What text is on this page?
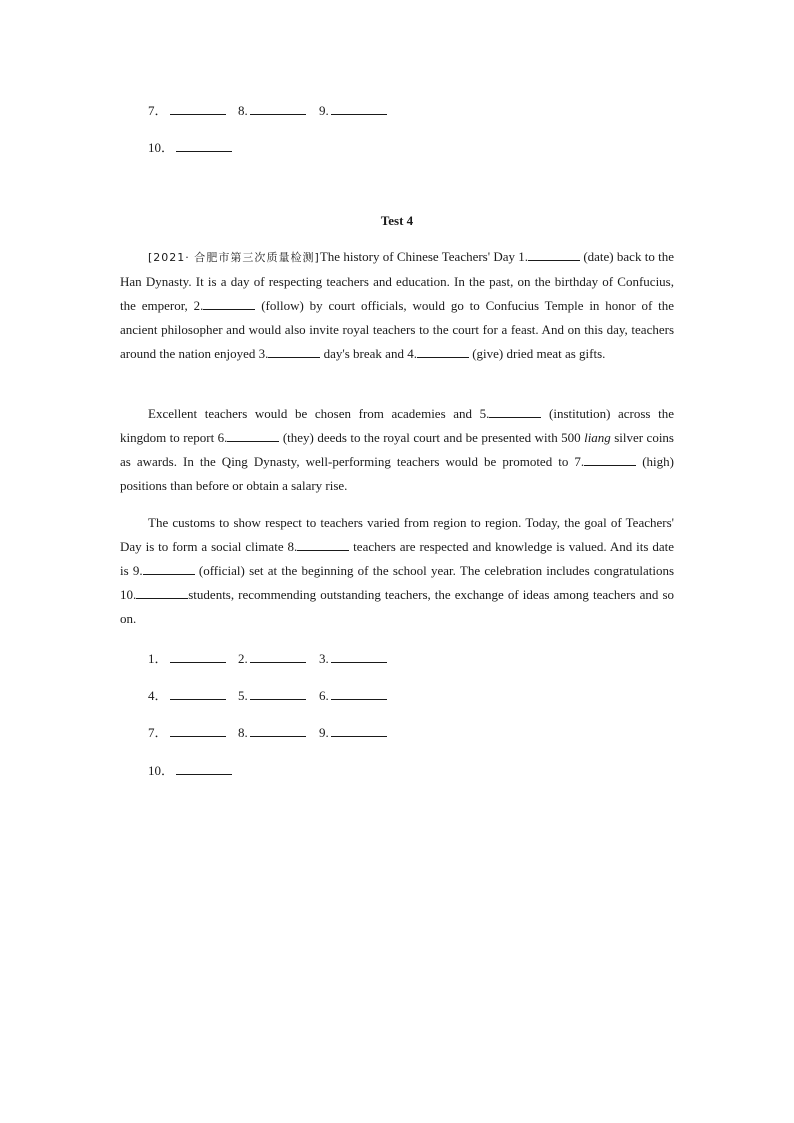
7．	8.	9.
10．
Test 4

[2021· 合肥市第三次质量检测]The history of Chinese Teachers' Day 1.	(date) back to the Han Dynasty. It is a day of respecting teachers and education. In the past, on the birthday of Confucius, the emperor, 2.	(follow) by court officials, would go to Confucius Temple in honor of the ancient philosopher and would also invite royal teachers to the court for a feast. And on this day, teachers around the nation enjoyed 3.	day's break and 4.	(give) dried meat as gifts.

Excellent teachers would be chosen from academies and 5.	(institution) across the kingdom to report 6.	(they) deeds to the royal court and be presented with 500 liang silver coins as awards. In the Qing Dynasty, well-performing teachers would be promoted to 7.	(high) positions than before or obtain a salary rise.

The customs to show respect to teachers varied from region to region. Today, the goal of Teachers' Day is to form a social climate 8.	teachers are respected and knowledge is valued. And its date is 9.	(official) set at the beginning of the school year. The celebration includes congratulations 10.	students, recommending outstanding teachers, the exchange of ideas among teachers and so on.

1．	2.	3.
4．	5.	6.
7．	8.	9.
10．
